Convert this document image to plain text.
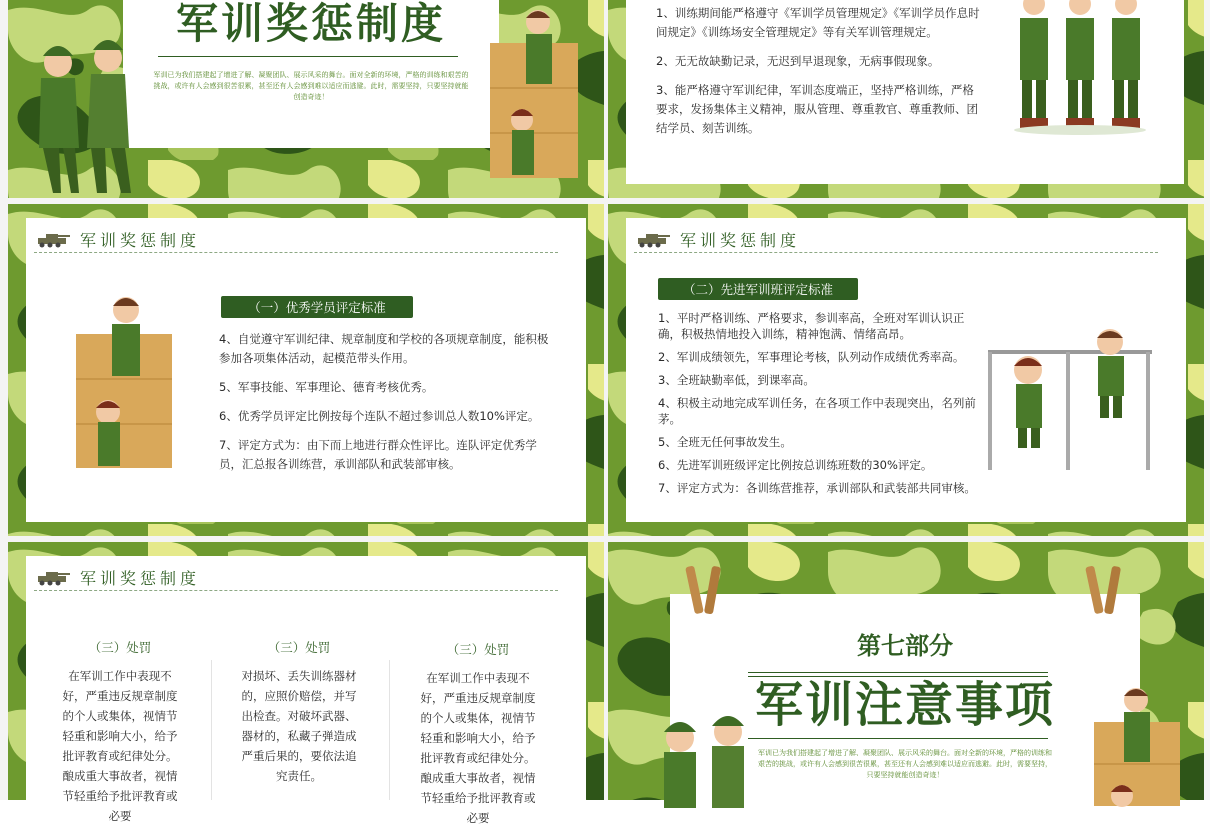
军训奖惩制度
军训已为我们搭建起了增进了解、凝聚团队、展示风采的舞台。面对全新的环境，严格的训练和艰苦的挑战，或许有人会感到很苦很累，甚至还有人会感到难以适应而逃避。此时，需要坚持，只要坚持就能创造奇迹！

1、训练期间能严格遵守《军训学员管理规定》《军训学员作息时间规定》《训练场安全管理规定》等有关军训管理规定。

2、无无故缺勤记录，无迟到早退现象，无病事假现象。

3、能严格遵守军训纪律，军训态度端正，坚持严格训练，严格要求，发扬集体主义精神，服从管理、尊重教官、尊重教师、团结学员、刻苦训练。

军训奖惩制度
（一）优秀学员评定标准

4、自觉遵守军训纪律、规章制度和学校的各项规章制度，能积极参加各项集体活动，起模范带头作用。

5、军事技能、军事理论、德育考核优秀。

6、优秀学员评定比例按每个连队不超过参训总人数10%评定。

7、评定方式为：由下而上地进行群众性评比。连队评定优秀学员，汇总报各训练营，承训部队和武装部审核。

军训奖惩制度
（二）先进军训班评定标准

1、平时严格训练、严格要求，参训率高，全班对军训认识正确，积极热情地投入训练，精神饱满、情绪高昂。

2、军训成绩领先，军事理论考核，队列动作成绩优秀率高。

3、全班缺勤率低，到课率高。

4、积极主动地完成军训任务，在各项工作中表现突出，名列前茅。

5、全班无任何事故发生。

6、先进军训班级评定比例按总训练班数的30%评定。

7、评定方式为：各训练营推荐，承训部队和武装部共同审核。

军训奖惩制度
（三）处罚
在军训工作中表现不好，严重违反规章制度的个人或集体，视情节轻重和影响大小，给予批评教育或纪律处分。酿成重大事故者，视情节轻重给予批评教育或必要
（三）处罚
对损坏、丢失训练器材的，应照价赔偿，并写出检查。对破坏武器、器材的，私藏子弹造成严重后果的，要依法追究责任。
（三）处罚
在军训工作中表现不好，严重违反规章制度的个人或集体，视情节轻重和影响大小，给予批评教育或纪律处分。酿成重大事故者，视情节轻重给予批评教育或必要
第七部分
军训注意事项
军训已为我们搭建起了增进了解、凝聚团队、展示风采的舞台。面对全新的环境，严格的训练和艰苦的挑战，或许有人会感到很苦很累，甚至还有人会感到难以适应而逃避。此时，需要坚持，只要坚持就能创造奇迹！
